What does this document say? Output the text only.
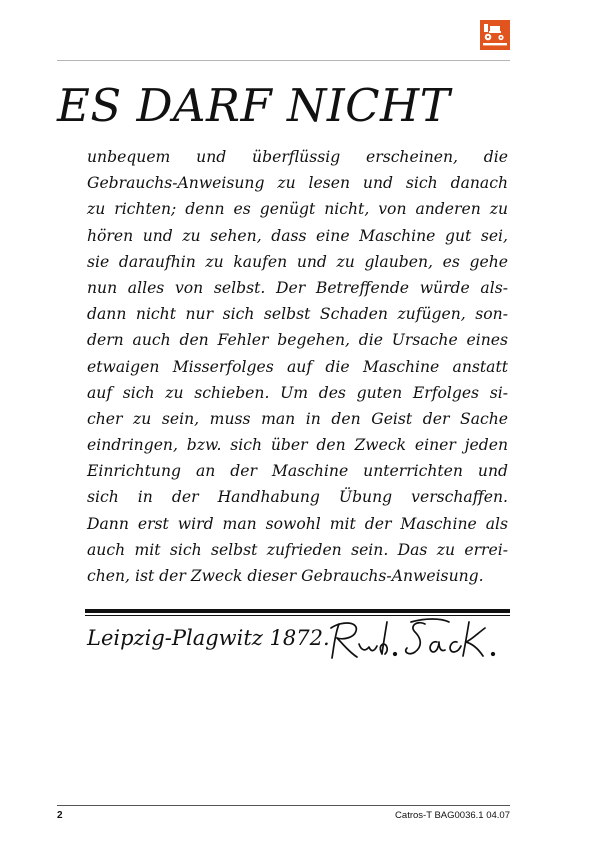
ES DARF NICHT
unbequem und überflüssig erscheinen, die
Gebrauchs-Anweisung zu lesen und sich danach
zu richten; denn es genügt nicht, von anderen zu
hören und zu sehen, dass eine Maschine gut sei,
sie daraufhin zu kaufen und zu glauben, es gehe
nun alles von selbst. Der Betreffende würde als-
dann nicht nur sich selbst Schaden zufügen, son-
dern auch den Fehler begehen, die Ursache eines
etwaigen Misserfolges auf die Maschine anstatt
auf sich zu schieben. Um des guten Erfolges si-
cher zu sein, muss man in den Geist der Sache
eindringen, bzw. sich über den Zweck einer jeden
Einrichtung an der Maschine unterrichten und
sich in der Handhabung Übung verschaffen.
Dann erst wird man sowohl mit der Maschine als
auch mit sich selbst zufrieden sein. Das zu errei-
chen, ist der Zweck dieser Gebrauchs-Anweisung.
Leipzig-Plagwitz 1872.
2	Catros-T BAG0036.1 04.07
